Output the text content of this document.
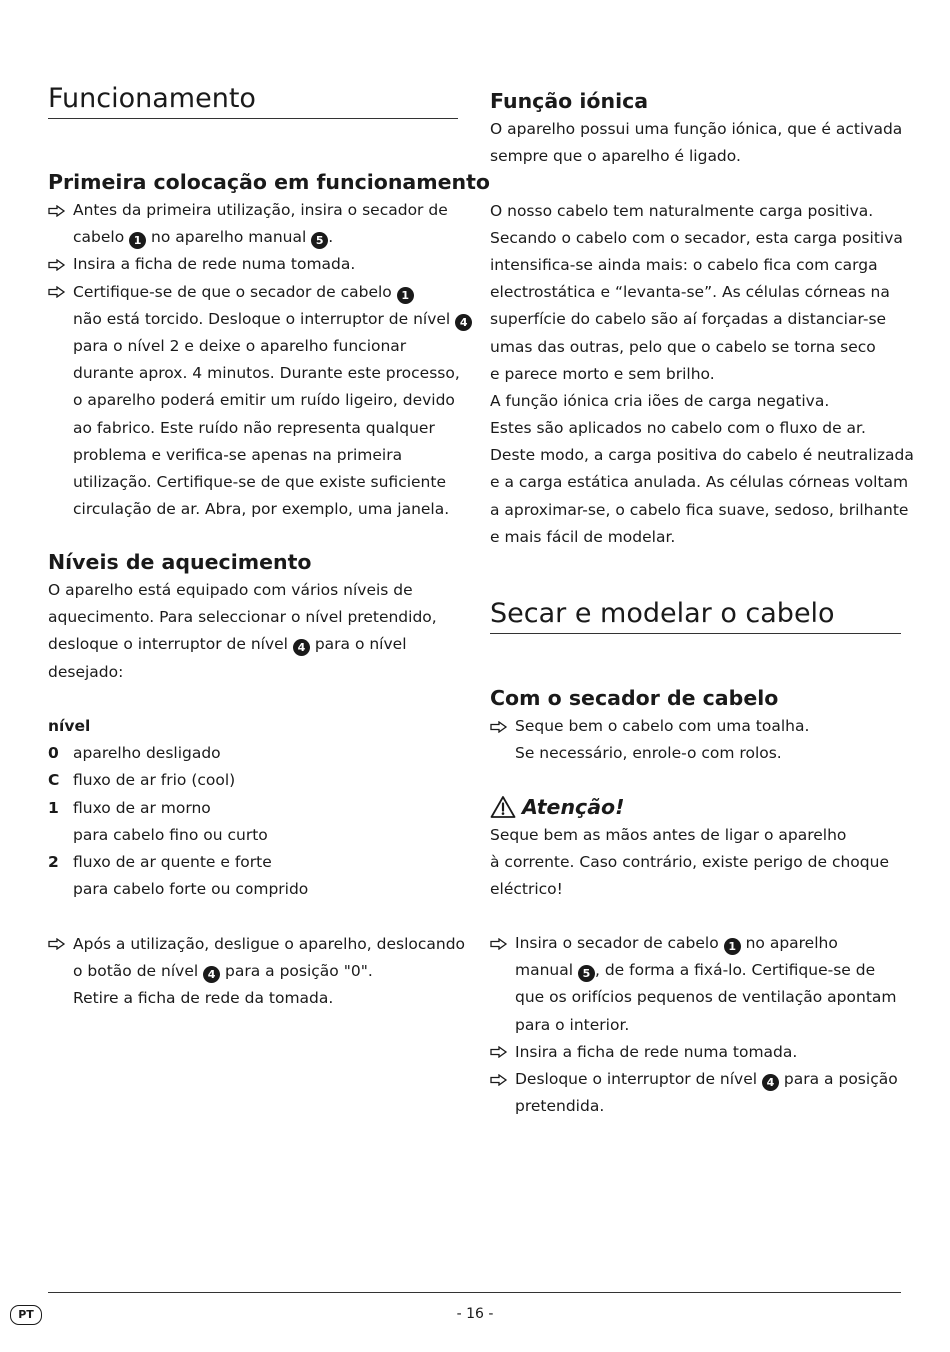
Funcionamento
Primeira colocação em funcionamento
Antes da primeira utilização, insira o secador de
cabelo 1 no aparelho manual 5 .
Insira a ficha de rede numa tomada.
Certifique-se de que o secador de cabelo 1
não está torcido. Desloque o interruptor de nível 4
para o nível 2 e deixe o aparelho funcionar
durante aprox. 4 minutos. Durante este processo,
o aparelho poderá emitir um ruído ligeiro, devido
ao fabrico. Este ruído não representa qualquer
problema e verifica-se apenas na primeira
utilização. Certifique-se de que existe suficiente
circulação de ar. Abra, por exemplo, uma janela.
Níveis de aquecimento
O aparelho está equipado com vários níveis de
aquecimento. Para seleccionar o nível pretendido,
desloque o interruptor de nível 4 para o nível
desejado:
nível
0 aparelho desligado
C fluxo de ar frio (cool)
1 fluxo de ar morno
para cabelo fino ou curto
2 fluxo de ar quente e forte
para cabelo forte ou comprido
Após a utilização, desligue o aparelho, deslocando
o botão de nível 4 para a posição "0".
Retire a ficha de rede da tomada.
Função iónica
O aparelho possui uma função iónica, que é activada
sempre que o aparelho é ligado.
O nosso cabelo tem naturalmente carga positiva.
Secando o cabelo com o secador, esta carga positiva
intensifica-se ainda mais: o cabelo fica com carga
electrostática e “levanta-se”. As células córneas na
superfície do cabelo são aí forçadas a distanciar-se
umas das outras, pelo que o cabelo se torna seco
e parece morto e sem brilho.
A função iónica cria iões de carga negativa.
Estes são aplicados no cabelo com o fluxo de ar.
Deste modo, a carga positiva do cabelo é neutralizada
e a carga estática anulada. As células córneas voltam
a aproximar-se, o cabelo fica suave, sedoso, brilhante
e mais fácil de modelar.
Secar e modelar o cabelo
Com o secador de cabelo
Seque bem o cabelo com uma toalha.
Se necessário, enrole-o com rolos.
Atenção!
Seque bem as mãos antes de ligar o aparelho
à corrente. Caso contrário, existe perigo de choque
eléctrico!
Insira o secador de cabelo 1 no aparelho
manual 5 , de forma a fixá-lo. Certifique-se de
que os orifícios pequenos de ventilação apontam
para o interior.
Insira a ficha de rede numa tomada.
Desloque o interruptor de nível 4 para a posição
pretendida.
PT	- 16 -
